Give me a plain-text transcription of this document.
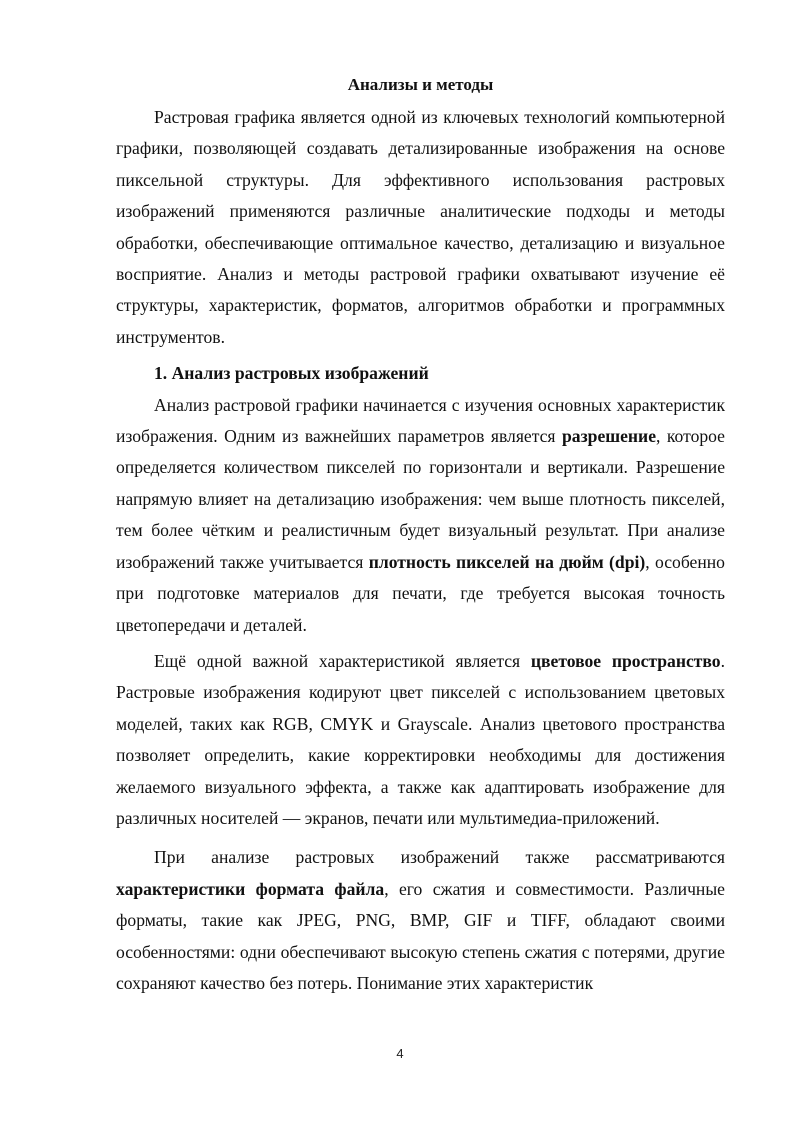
Анализы и методы

Растровая графика является одной из ключевых технологий компьютерной графики, позволяющей создавать детализированные изображения на основе пиксельной структуры. Для эффективного использования растровых изображений применяются различные аналитические подходы и методы обработки, обеспечивающие оптимальное качество, детализацию и визуальное восприятие. Анализ и методы растровой графики охватывают изучение её структуры, характеристик, форматов, алгоритмов обработки и программных инструментов.

1. Анализ растровых изображений

Анализ растровой графики начинается с изучения основных характеристик изображения. Одним из важнейших параметров является разрешение, которое определяется количеством пикселей по горизонтали и вертикали. Разрешение напрямую влияет на детализацию изображения: чем выше плотность пикселей, тем более чётким и реалистичным будет визуальный результат. При анализе изображений также учитывается плотность пикселей на дюйм (dpi), особенно при подготовке материалов для печати, где требуется высокая точность цветопередачи и деталей.

Ещё одной важной характеристикой является цветовое пространство. Растровые изображения кодируют цвет пикселей с использованием цветовых моделей, таких как RGB, CMYK и Grayscale. Анализ цветового пространства позволяет определить, какие корректировки необходимы для достижения желаемого визуального эффекта, а также как адаптировать изображение для различных носителей — экранов, печати или мультимедиа-приложений.

При анализе растровых изображений также рассматриваются характеристики формата файла, его сжатия и совместимости. Различные форматы, такие как JPEG, PNG, BMP, GIF и TIFF, обладают своими особенностями: одни обеспечивают высокую степень сжатия с потерями, другие сохраняют качество без потерь. Понимание этих характеристик

4
